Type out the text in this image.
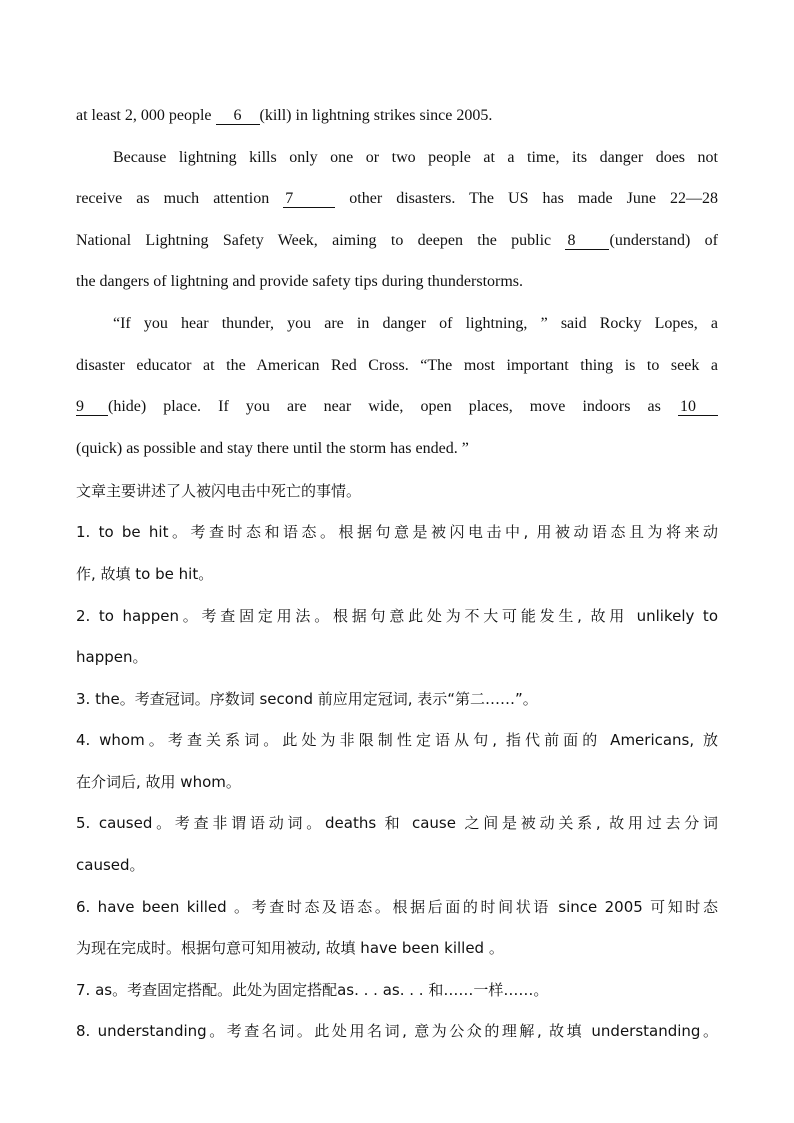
at least 2, 000 people 6 (kill) in lightning strikes since 2005.
Because lightning kills only one or two people at a time, its danger does not
receive as much attention 7	other disasters. The US has made June 22—28
National Lightning Safety Week, aiming to deepen the public 8 (understand) of
the dangers of lightning and provide safety tips during thunderstorms.
“If you hear thunder, you are in danger of lightning, ” said Rocky Lopes, a
disaster educator at the American Red Cross. “The most important thing is to seek a
9 (hide) place. If you are near wide, open places, move indoors as 10
(quick) as possible and stay there until the storm has ended. ”
文章主要讲述了人被闪电击中死亡的事情。
1. to be hit。考查时态和语态。根据句意是被闪电击中, 用被动语态且为将来动
作, 故填 to be hit。
2. to happen。考查固定用法。根据句意此处为不大可能发生, 故用 unlikely to
happen。
3. the。考查冠词。序数词 second 前应用定冠词, 表示“第二……”。
4. whom。考查关系词。此处为非限制性定语从句, 指代前面的 Americans, 放
在介词后, 故用 whom。
5. caused。考查非谓语动词。deaths 和 cause 之间是被动关系, 故用过去分词
caused。
6. have been killed 。考查时态及语态。根据后面的时间状语 since 2005 可知时态
为现在完成时。根据句意可知用被动, 故填 have been killed 。
7. as。考查固定搭配。此处为固定搭配as. . . as. . . 和……一样……。
8. understanding。考查名词。此处用名词, 意为公众的理解, 故填 understanding。
